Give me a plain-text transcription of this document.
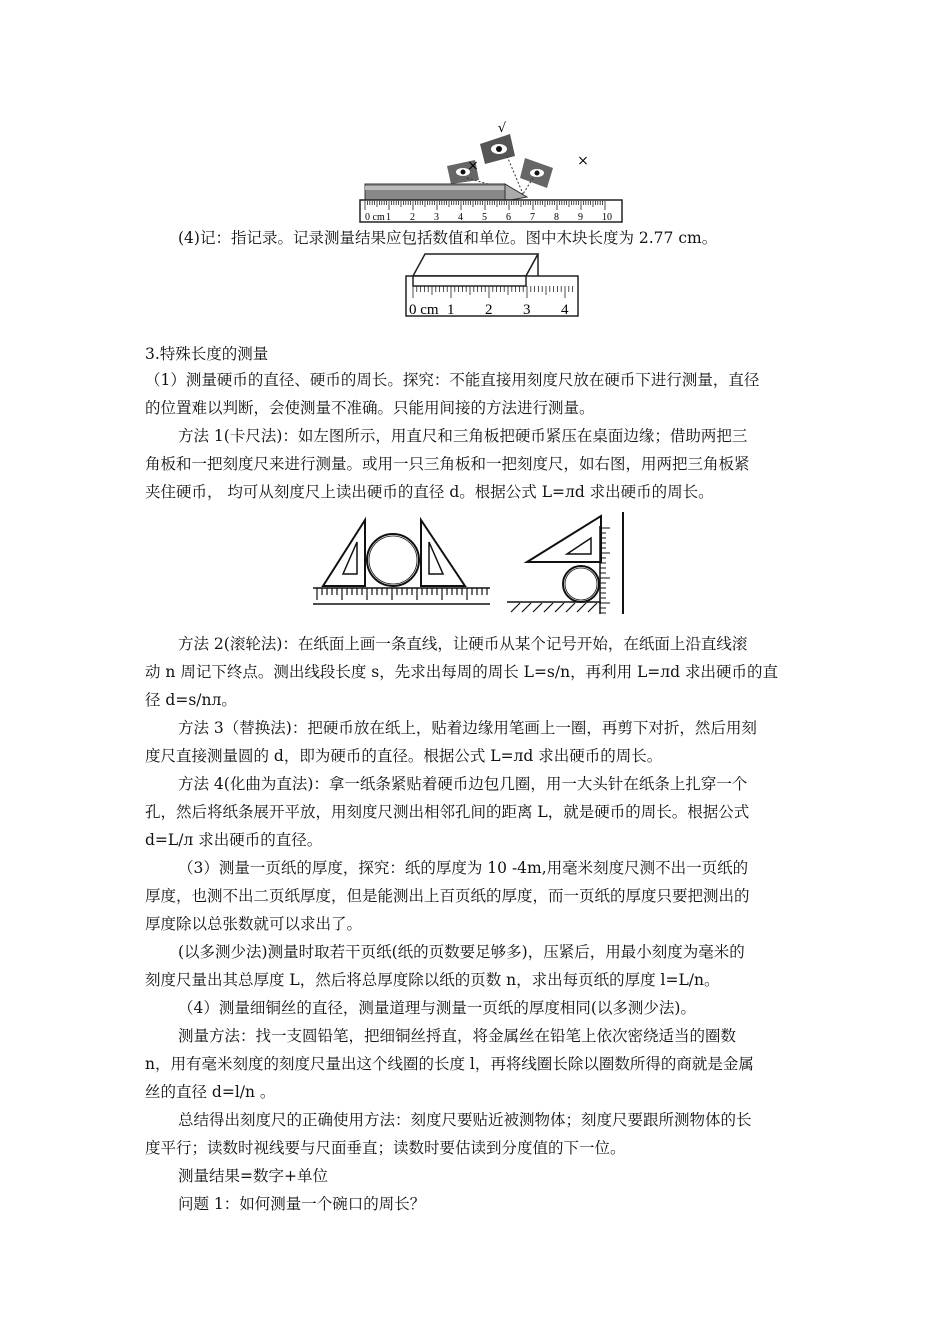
√
×	×
0 cm 1 2 3 4 5 6 7 8 9 10
0 cm 1 2 3 4
(4)记：指记录。记录测量结果应包括数值和单位。图中木块长度为 2.77 cm。
3.特殊长度的测量
（1）测量硬币的直径、硬币的周长。探究：不能直接用刻度尺放在硬币下进行测量，直径
的位置难以判断，会使测量不准确。只能用间接的方法进行测量。
方法 1(卡尺法)：如左图所示，用直尺和三角板把硬币紧压在桌面边缘；借助两把三
角板和一把刻度尺来进行测量。或用一只三角板和一把刻度尺，如右图，用两把三角板紧
夹住硬币， 均可从刻度尺上读出硬币的直径 d。根据公式 L=лd 求出硬币的周长。
方法 2(滚轮法)：在纸面上画一条直线，让硬币从某个记号开始，在纸面上沿直线滚
动 n 周记下终点。测出线段长度 s，先求出每周的周长 L=s/n，再利用 L=лd 求出硬币的直
径 d=s/nл。
方法 3（替换法)：把硬币放在纸上，贴着边缘用笔画上一圈，再剪下对折，然后用刻
度尺直接测量圆的 d，即为硬币的直径。根据公式 L=лd 求出硬币的周长。
方法 4(化曲为直法)：拿一纸条紧贴着硬币边包几圈，用一大头针在纸条上扎穿一个
孔，然后将纸条展开平放，用刻度尺测出相邻孔间的距离 L，就是硬币的周长。根据公式
d=L/л 求出硬币的直径。
（3）测量一页纸的厚度，探究：纸的厚度为 10 -4m,用毫米刻度尺测不出一页纸的
厚度，也测不出二页纸厚度，但是能测出上百页纸的厚度，而一页纸的厚度只要把测出的
厚度除以总张数就可以求出了。
(以多测少法)测量时取若干页纸(纸的页数要足够多)，压紧后，用最小刻度为毫米的
刻度尺量出其总厚度 L，然后将总厚度除以纸的页数 n，求出每页纸的厚度 l=L/n。
（4）测量细铜丝的直径，测量道理与测量一页纸的厚度相同(以多测少法)。
测量方法：找一支圆铅笔，把细铜丝捋直，将金属丝在铅笔上依次密绕适当的圈数
n，用有毫米刻度的刻度尺量出这个线圈的长度 l，再将线圈长除以圈数所得的商就是金属
丝的直径 d=l/n 。
总结得出刻度尺的正确使用方法：刻度尺要贴近被测物体；刻度尺要跟所测物体的长
度平行；读数时视线要与尺面垂直；读数时要估读到分度值的下一位。
测量结果=数字+单位
问题 1：如何测量一个碗口的周长？
